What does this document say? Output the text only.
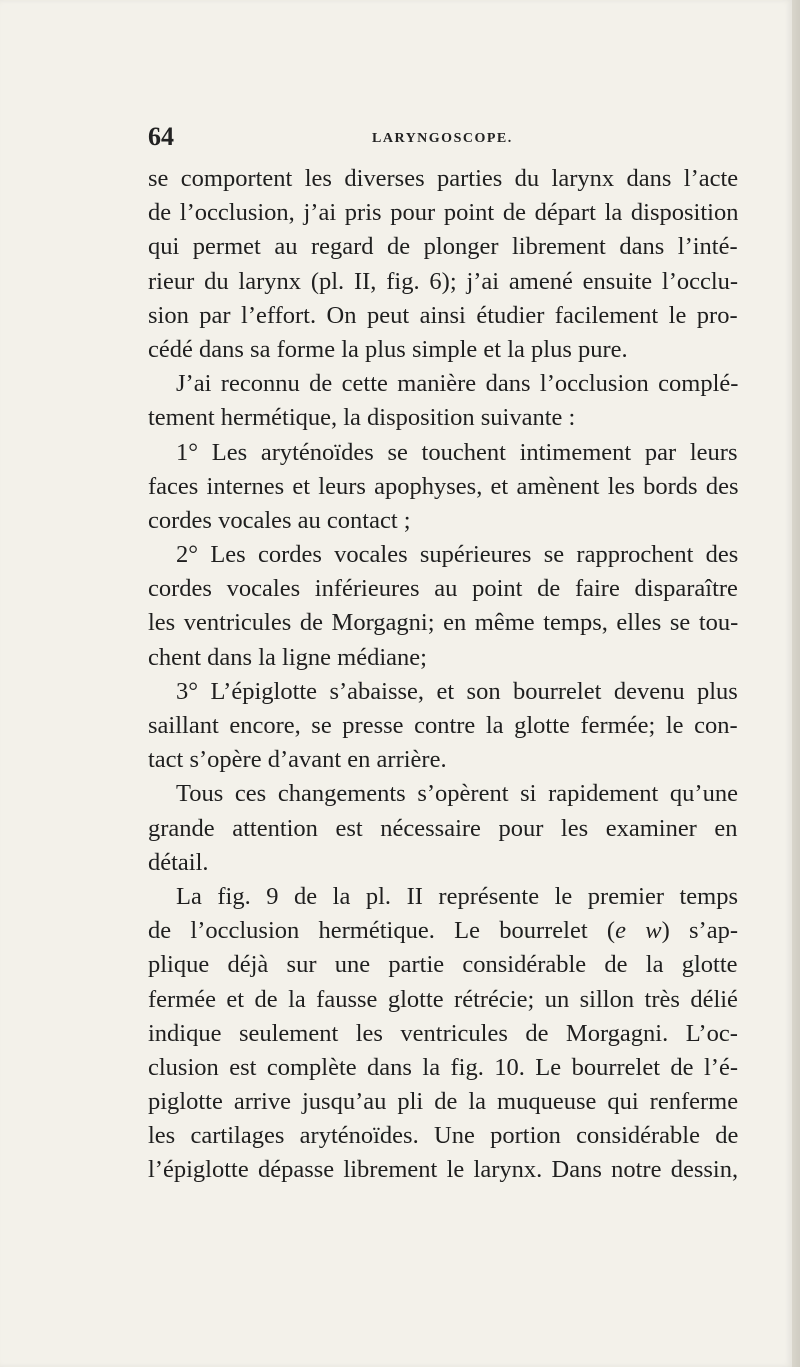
64	LARYNGOSCOPE.
se comportent les diverses parties du larynx dans l’acte
de l’occlusion, j’ai pris pour point de départ la disposition
qui permet au regard de plonger librement dans l’inté-
rieur du larynx (pl. II, fig. 6); j’ai amené ensuite l’occlu-
sion par l’effort. On peut ainsi étudier facilement le pro-
cédé dans sa forme la plus simple et la plus pure.
J’ai reconnu de cette manière dans l’occlusion complé-
tement hermétique, la disposition suivante :
1° Les aryténoïdes se touchent intimement par leurs
faces internes et leurs apophyses, et amènent les bords des
cordes vocales au contact ;
2° Les cordes vocales supérieures se rapprochent des
cordes vocales inférieures au point de faire disparaître
les ventricules de Morgagni; en même temps, elles se tou-
chent dans la ligne médiane;
3° L’épiglotte s’abaisse, et son bourrelet devenu plus
saillant encore, se presse contre la glotte fermée; le con-
tact s’opère d’avant en arrière.
Tous ces changements s’opèrent si rapidement qu’une
grande attention est nécessaire pour les examiner en
détail.
La fig. 9 de la pl. II représente le premier temps
de l’occlusion hermétique. Le bourrelet (e w) s’ap-
plique déjà sur une partie considérable de la glotte
fermée et de la fausse glotte rétrécie; un sillon très délié
indique seulement les ventricules de Morgagni. L’oc-
clusion est complète dans la fig. 10. Le bourrelet de l’é-
piglotte arrive jusqu’au pli de la muqueuse qui renferme
les cartilages aryténoïdes. Une portion considérable de
l’épiglotte dépasse librement le larynx. Dans notre dessin,
